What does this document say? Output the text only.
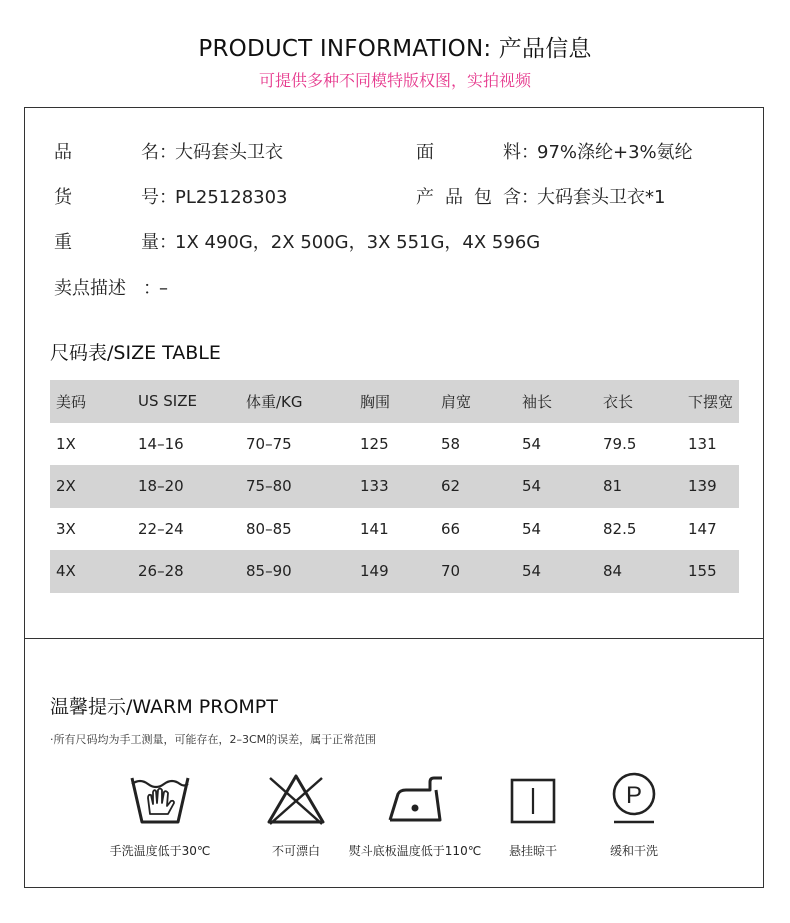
PRODUCT INFORMATION: 产品信息
可提供多种不同模特版权图，实拍视频
品名：大码套头卫衣	面料：97%涤纶+3%氨纶
货号：PL25128303	产品包含：大码套头卫衣*1
重量：1X 490G，2X 500G，3X 551G，4X 596G
卖点描述 ：–
尺码表/SIZE TABLE
美码	US SIZE	体重/KG	胸围	肩宽	袖长	衣长	下摆宽
1X	14–16	70–75	125	58	54	79.5	131
2X	18–20	75–80	133	62	54	81	139
3X	22–24	80–85	141	66	54	82.5	147
4X	26–28	85–90	149	70	54	84	155
温馨提示/WARM PROMPT
·所有尺码均为手工测量，可能存在，2–3CM的误差，属于正常范围
P
手洗温度低于30℃	不可漂白	熨斗底板温度低于110℃	悬挂晾干	缓和干洗
